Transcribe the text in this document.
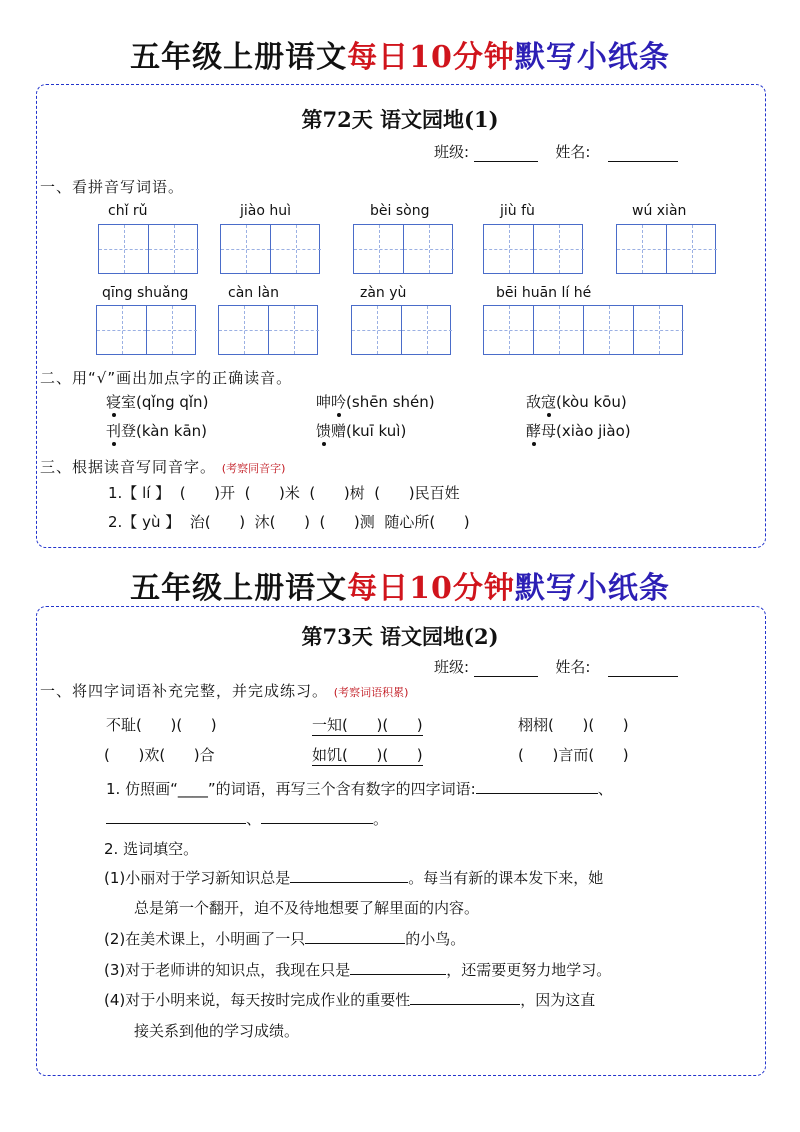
五年级上册语文每日10分钟默写小纸条
第72天 语文园地(1)
班级:	姓名:
一、看拼音写词语。
chǐ rǔ	jiào huì	bèi sòng	jiù fù	wú xiàn
qīng shuǎng	càn làn	zàn yù	bēi huān lí hé
二、用“√”画出加点字的正确读音。
寝室(qǐng qǐn)	呻吟(shēn shén)	敌寇(kòu kōu)
刊登(kàn kān)	馈赠(kuī kuì)	酵母(xiào jiào)
三、根据读音写同音字。 (考察同音字)
1.【 lí 】  (      )开  (      )米  (      )树  (      )民百姓
2.【 yù 】  治(      )  沐(      )  (      )测  随心所(      )
五年级上册语文每日10分钟默写小纸条
第73天 语文园地(2)
班级:	姓名:
一、将四字词语补充完整，并完成练习。 (考察词语积累)
不耻(      )(      )	一知(      )(      )	栩栩(      )(      )
(      )欢(      )合	如饥(      )(      )	(      )言而(      )
1. 仿照画“____”的词语，再写三个含有数字的四字词语:	、
、	。
2. 选词填空。
(1)小丽对于学习新知识总是	。每当有新的课本发下来，她
总是第一个翻开，迫不及待地想要了解里面的内容。
(2)在美术课上，小明画了一只	的小鸟。
(3)对于老师讲的知识点，我现在只是	，还需要更努力地学习。
(4)对于小明来说，每天按时完成作业的重要性	，因为这直
接关系到他的学习成绩。
